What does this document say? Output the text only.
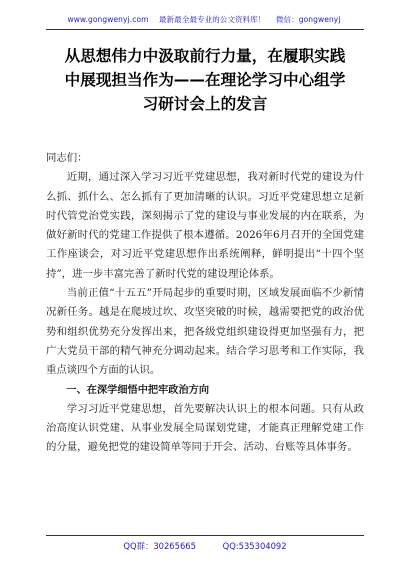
www.gongwenyj.com 最新最全最专业的公文资料库！ 微信：gongwenyj
从思想伟力中汲取前行力量，在履职实践
中展现担当作为——在理论学习中心组学
习研讨会上的发言

同志们：

近期，通过深入学习习近平党建思想，我对新时代党的建设为什么抓、抓什么、怎么抓有了更加清晰的认识。习近平党建思想立足新时代管党治党实践，深刻揭示了党的建设与事业发展的内在联系，为做好新时代的党建工作提供了根本遵循。2026年6月召开的全国党建工作座谈会，对习近平党建思想作出系统阐释，鲜明提出“十四个坚持”，进一步丰富完善了新时代党的建设理论体系。

当前正值“十五五”开局起步的重要时期，区域发展面临不少新情况新任务。越是在爬坡过坎、攻坚突破的时候，越需要把党的政治优势和组织优势充分发挥出来，把各级党组织建设得更加坚强有力，把广大党员干部的精气神充分调动起来。结合学习思考和工作实际，我重点谈四个方面的认识。

一、在深学细悟中把牢政治方向

学习习近平党建思想，首先要解决认识上的根本问题。只有从政治高度认识党建、从事业发展全局谋划党建，才能真正理解党建工作的分量，避免把党的建设简单等同于开会、活动、台账等具体事务。

QQ群：30265665	QQ:535304092
